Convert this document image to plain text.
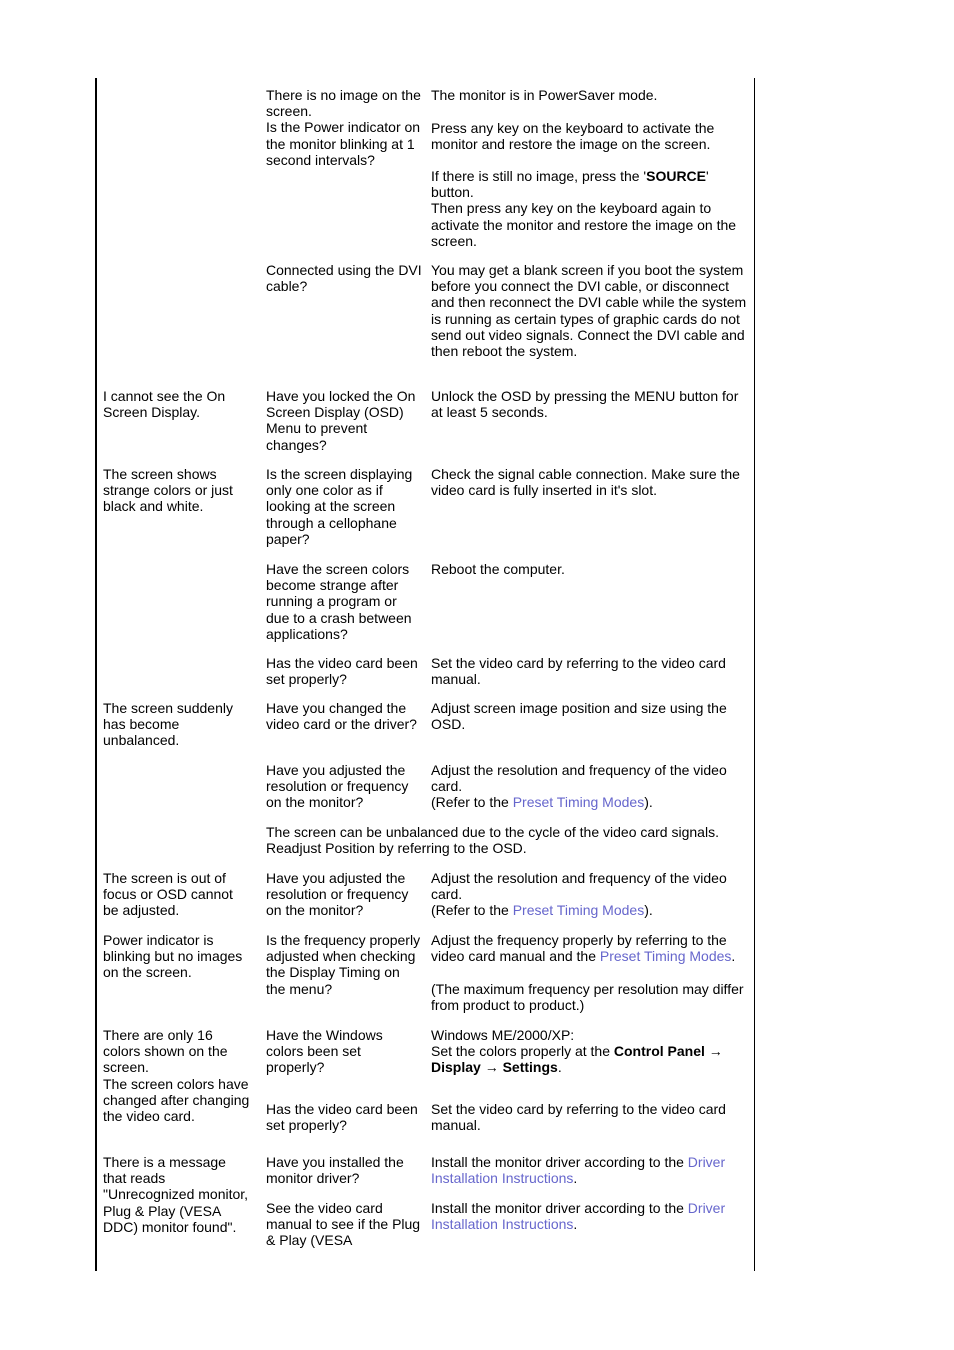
There is no image on the screen.
Is the Power indicator on the monitor blinking at 1 second intervals?
The monitor is in PowerSaver mode.
Press any key on the keyboard to activate the monitor and restore the image on the screen.
If there is still no image, press the 'SOURCE' button.
Then press any key on the keyboard again to activate the monitor and restore the image on the screen.
Connected using the DVI cable?
You may get a blank screen if you boot the system before you connect the DVI cable, or disconnect and then reconnect the DVI cable while the system is running as certain types of graphic cards do not send out video signals. Connect the DVI cable and then reboot the system.
I cannot see the On Screen Display.
Have you locked the On Screen Display (OSD) Menu to prevent changes?
Unlock the OSD by pressing the MENU button for at least 5 seconds.
The screen shows strange colors or just black and white.
Is the screen displaying only one color as if looking at the screen through a cellophane paper?
Check the signal cable connection. Make sure the video card is fully inserted in it's slot.
Have the screen colors become strange after running a program or due to a crash between applications?
Reboot the computer.
Has the video card been set properly?
Set the video card by referring to the video card manual.
The screen suddenly has become unbalanced.
Have you changed the video card or the driver?
Adjust screen image position and size using the OSD.
Have you adjusted the resolution or frequency on the monitor?
Adjust the resolution and frequency of the video card.
(Refer to the Preset Timing Modes).
The screen can be unbalanced due to the cycle of the video card signals. Readjust Position by referring to the OSD.
The screen is out of focus or OSD cannot be adjusted.
Have you adjusted the resolution or frequency on the monitor?
Adjust the resolution and frequency of the video card.
(Refer to the Preset Timing Modes).
Power indicator is blinking but no images on the screen.
Is the frequency properly adjusted when checking the Display Timing on the menu?
Adjust the frequency properly by referring to the video card manual and the Preset Timing Modes.
(The maximum frequency per resolution may differ from product to product.)
There are only 16 colors shown on the screen.
The screen colors have changed after changing the video card.
Have the Windows colors been set properly?
Windows ME/2000/XP:
Set the colors properly at the Control Panel →
Display → Settings.
Has the video card been set properly?
Set the video card by referring to the video card manual.
There is a message that reads "Unrecognized monitor, Plug & Play (VESA DDC) monitor found".
Have you installed the monitor driver?
Install the monitor driver according to the Driver Installation Instructions.
See the video card manual to see if the Plug & Play (VESA
Install the monitor driver according to the Driver Installation Instructions.
